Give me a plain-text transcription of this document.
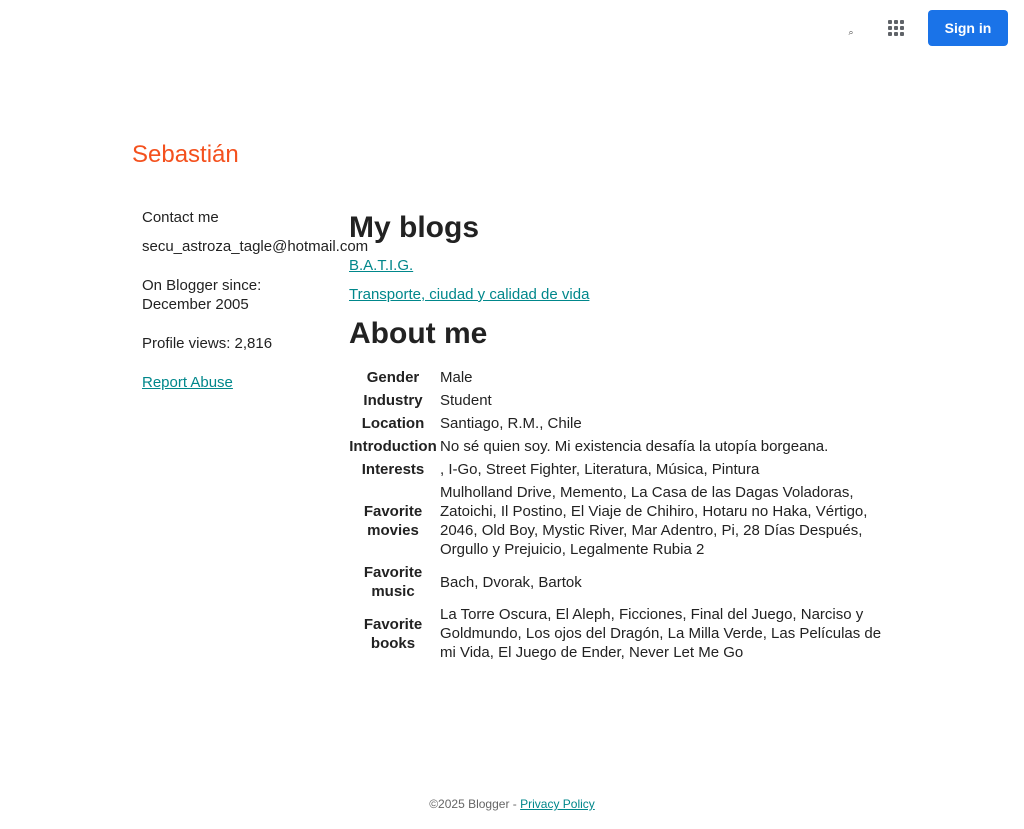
⌕	Sign in
Sebastián
Contact me
secu_astroza_tagle@hotmail.com
On Blogger since:
December 2005
Profile views: 2,816
Report Abuse
My blogs
B.A.T.I.G.
Transporte, ciudad y calidad de vida
About me
Gender	Male
Industry	Student
Location	Santiago, R.M., Chile
Introduction	No sé quien soy. Mi existencia desafía la utopía borgeana.
Interests	, I-Go, Street Fighter, Literatura, Música, Pintura
Favorite movies	Mulholland Drive, Memento, La Casa de las Dagas Voladoras, Zatoichi, Il Postino, El Viaje de Chihiro, Hotaru no Haka, Vértigo, 2046, Old Boy, Mystic River, Mar Adentro, Pi, 28 Días Después, Orgullo y Prejuicio, Legalmente Rubia 2
Favorite music	Bach, Dvorak, Bartok
Favorite books	La Torre Oscura, El Aleph, Ficciones, Final del Juego, Narciso y Goldmundo, Los ojos del Dragón, La Milla Verde, Las Películas de mi Vida, El Juego de Ender, Never Let Me Go
©2025 Blogger - Privacy Policy
